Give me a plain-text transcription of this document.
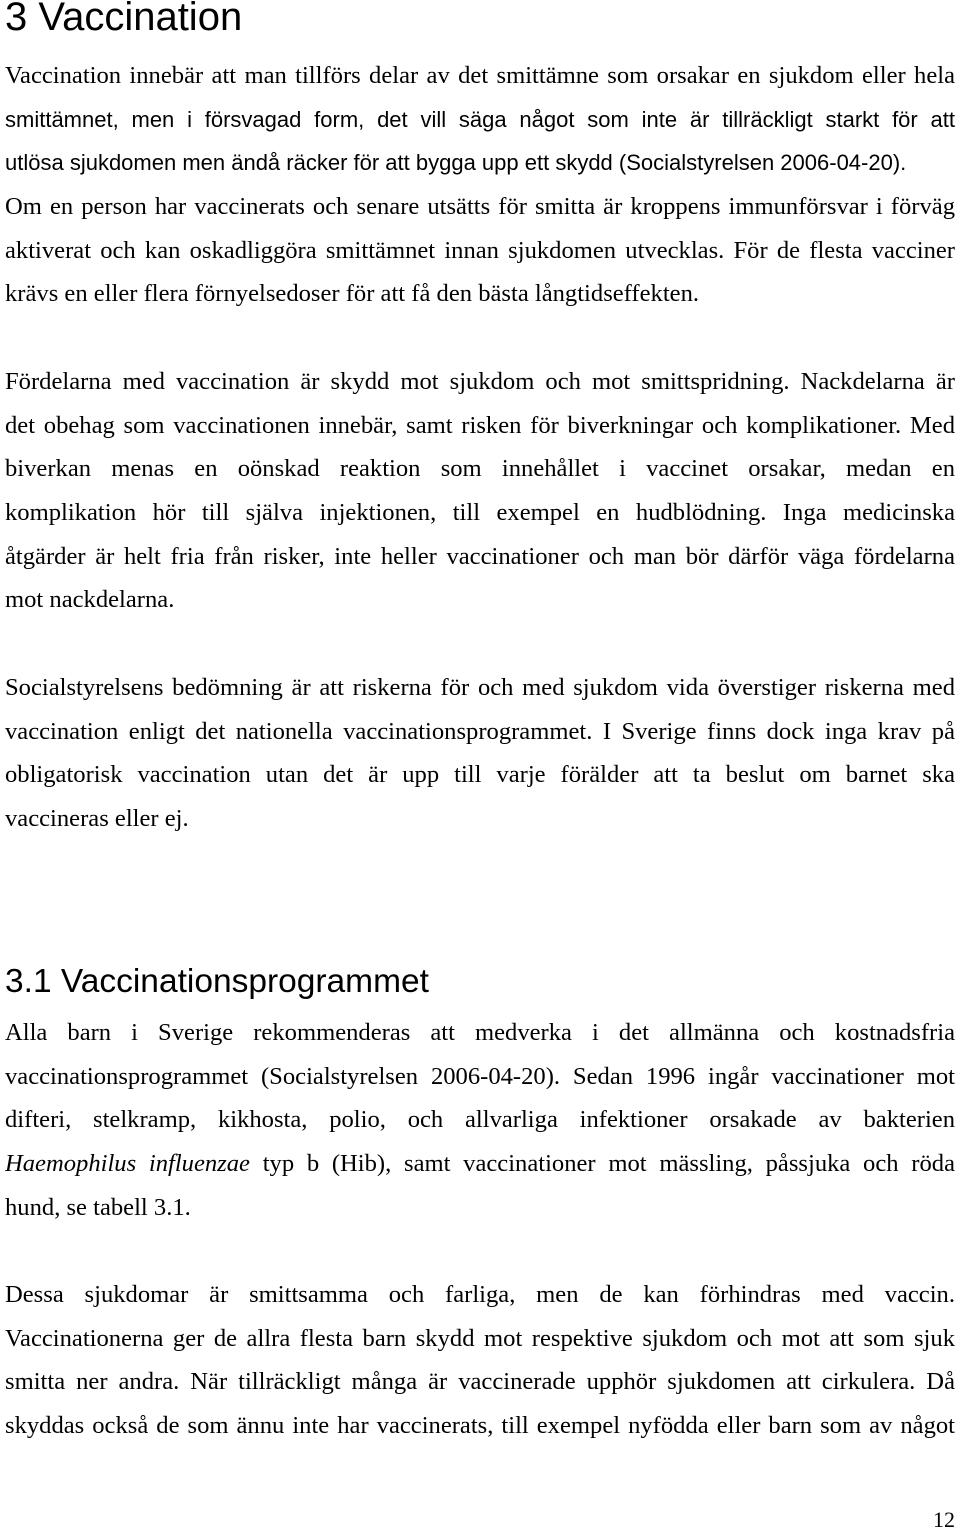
3 Vaccination
Vaccination innebär att man tillförs delar av det smittämne som orsakar en sjukdom eller hela
smittämnet, men i försvagad form, det vill säga något som inte är tillräckligt starkt för att
utlösa sjukdomen men ändå räcker för att bygga upp ett skydd (Socialstyrelsen 2006-04-20).
Om en person har vaccinerats och senare utsätts för smitta är kroppens immunförsvar i förväg
aktiverat och kan oskadliggöra smittämnet innan sjukdomen utvecklas. För de flesta vacciner
krävs en eller flera förnyelsedoser för att få den bästa långtidseffekten.
Fördelarna med vaccination är skydd mot sjukdom och mot smittspridning. Nackdelarna är
det obehag som vaccinationen innebär, samt risken för biverkningar och komplikationer. Med
biverkan menas en oönskad reaktion som innehållet i vaccinet orsakar, medan en
komplikation hör till själva injektionen, till exempel en hudblödning. Inga medicinska
åtgärder är helt fria från risker, inte heller vaccinationer och man bör därför väga fördelarna
mot nackdelarna.
Socialstyrelsens bedömning är att riskerna för och med sjukdom vida överstiger riskerna med
vaccination enligt det nationella vaccinationsprogrammet. I Sverige finns dock inga krav på
obligatorisk vaccination utan det är upp till varje förälder att ta beslut om barnet ska
vaccineras eller ej.
3.1 Vaccinationsprogrammet
Alla barn i Sverige rekommenderas att medverka i det allmänna och kostnadsfria
vaccinationsprogrammet (Socialstyrelsen 2006-04-20). Sedan 1996 ingår vaccinationer mot
difteri, stelkramp, kikhosta, polio, och allvarliga infektioner orsakade av bakterien
Haemophilus influenzae typ b (Hib), samt vaccinationer mot mässling, påssjuka och röda
hund, se tabell 3.1.
Dessa sjukdomar är smittsamma och farliga, men de kan förhindras med vaccin.
Vaccinationerna ger de allra flesta barn skydd mot respektive sjukdom och mot att som sjuk
smitta ner andra. När tillräckligt många är vaccinerade upphör sjukdomen att cirkulera. Då
skyddas också de som ännu inte har vaccinerats, till exempel nyfödda eller barn som av något
12
